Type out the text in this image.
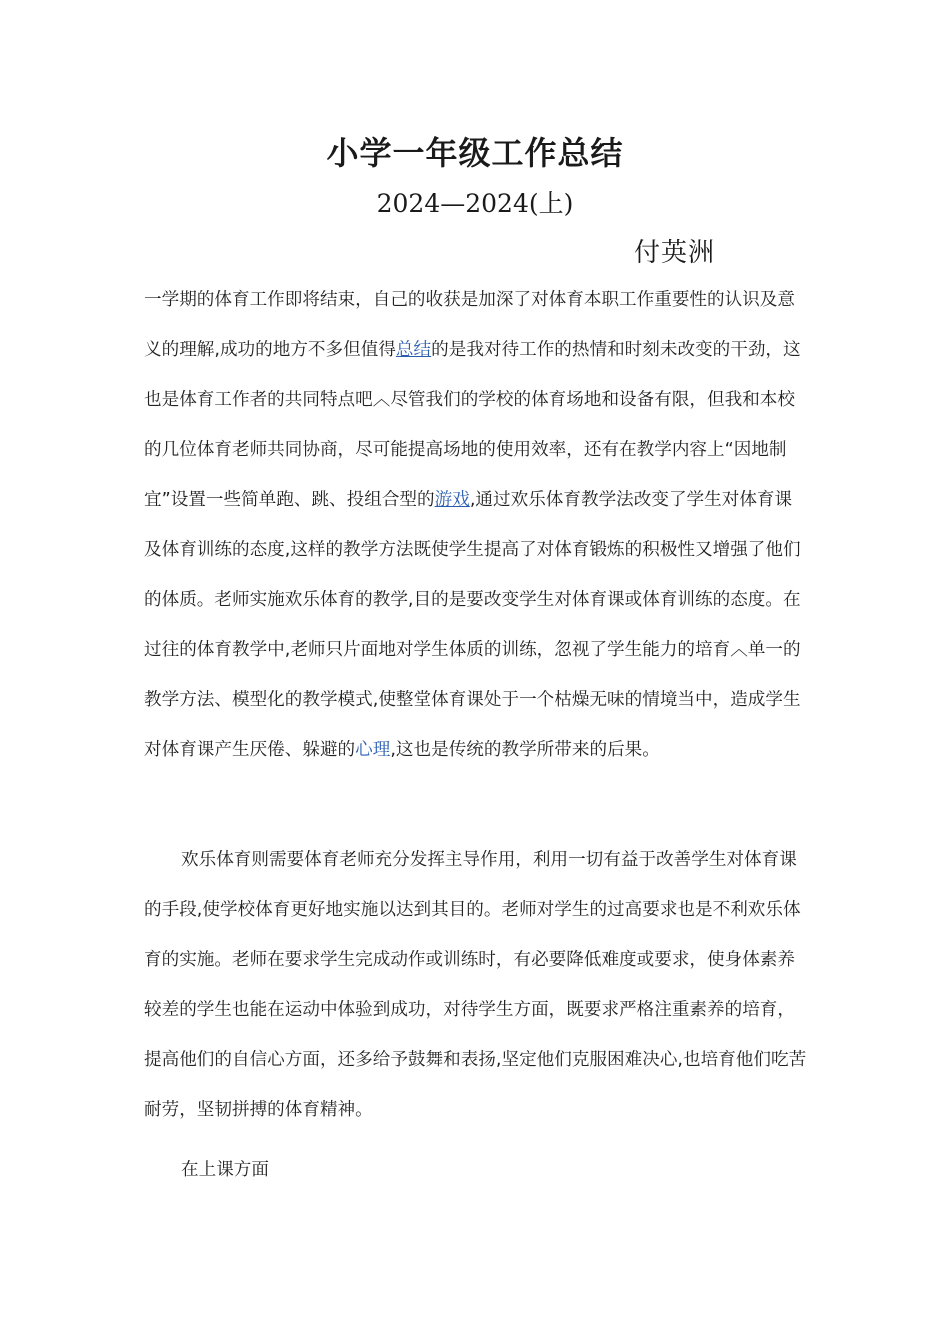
小学一年级工作总结
2024—2024(上)
付英洲

一学期的体育工作即将结束，自己的收获是加深了对体育本职工作重要性的认识及意义的理解,成功的地方不多但值得总结的是我对待工作的热情和时刻未改变的干劲，这也是体育工作者的共同特点吧︿尽管我们的学校的体育场地和设备有限，但我和本校的几位体育老师共同协商，尽可能提高场地的使用效率，还有在教学内容上“因地制宜”设置一些简单跑、跳、投组合型的游戏,通过欢乐体育教学法改变了学生对体育课及体育训练的态度,这样的教学方法既使学生提高了对体育锻炼的积极性又增强了他们的体质。老师实施欢乐体育的教学,目的是要改变学生对体育课或体育训练的态度。在过往的体育教学中,老师只片面地对学生体质的训练，忽视了学生能力的培育︿单一的教学方法、模型化的教学模式,使整堂体育课处于一个枯燥无味的情境当中，造成学生对体育课产生厌倦、躲避的心理,这也是传统的教学所带来的后果。

欢乐体育则需要体育老师充分发挥主导作用，利用一切有益于改善学生对体育课的手段,使学校体育更好地实施以达到其目的。老师对学生的过高要求也是不利欢乐体育的实施。老师在要求学生完成动作或训练时，有必要降低难度或要求，使身体素养较差的学生也能在运动中体验到成功，对待学生方面，既要求严格注重素养的培育，提高他们的自信心方面，还多给予鼓舞和表扬,坚定他们克服困难决心,也培育他们吃苦耐劳，坚韧拼搏的体育精神。

在上课方面
